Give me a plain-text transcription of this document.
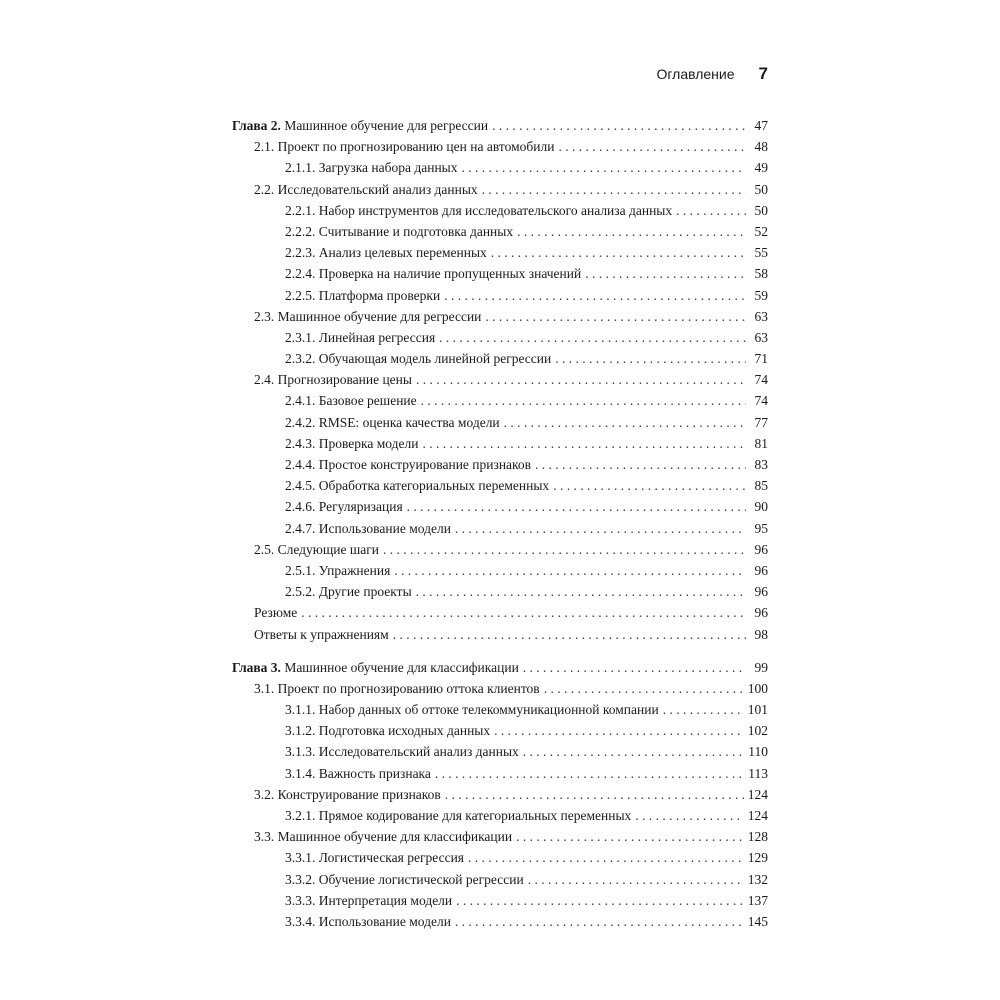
Оглавление 7
Глава 2. Машинное обучение для регрессии . . .	47
2.1. Проект по прогнозированию цен на автомобили . . .	48
2.1.1. Загрузка набора данных . . .	49
2.2. Исследовательский анализ данных . . .	50
2.2.1. Набор инструментов для исследовательского анализа данных . . .	50
2.2.2. Считывание и подготовка данных . . .	52
2.2.3. Анализ целевых переменных . . .	55
2.2.4. Проверка на наличие пропущенных значений . . .	58
2.2.5. Платформа проверки . . .	59
2.3. Машинное обучение для регрессии . . .	63
2.3.1. Линейная регрессия . . .	63
2.3.2. Обучающая модель линейной регрессии . . .	71
2.4. Прогнозирование цены . . .	74
2.4.1. Базовое решение . . .	74
2.4.2. RMSE: оценка качества модели . . .	77
2.4.3. Проверка модели . . .	81
2.4.4. Простое конструирование признаков . . .	83
2.4.5. Обработка категориальных переменных . . .	85
2.4.6. Регуляризация . . .	90
2.4.7. Использование модели . . .	95
2.5. Следующие шаги . . .	96
2.5.1. Упражнения . . .	96
2.5.2. Другие проекты . . .	96
Резюме . . .	96
Ответы к упражнениям . . .	98
Глава 3. Машинное обучение для классификации . . .	99
3.1. Проект по прогнозированию оттока клиентов . . .	100
3.1.1. Набор данных об оттоке телекоммуникационной компании . . .	101
3.1.2. Подготовка исходных данных . . .	102
3.1.3. Исследовательский анализ данных . . .	110
3.1.4. Важность признака . . .	113
3.2. Конструирование признаков . . .	124
3.2.1. Прямое кодирование для категориальных переменных . . .	124
3.3. Машинное обучение для классификации . . .	128
3.3.1. Логистическая регрессия . . .	129
3.3.2. Обучение логистической регрессии . . .	132
3.3.3. Интерпретация модели . . .	137
3.3.4. Использование модели . . .	145
